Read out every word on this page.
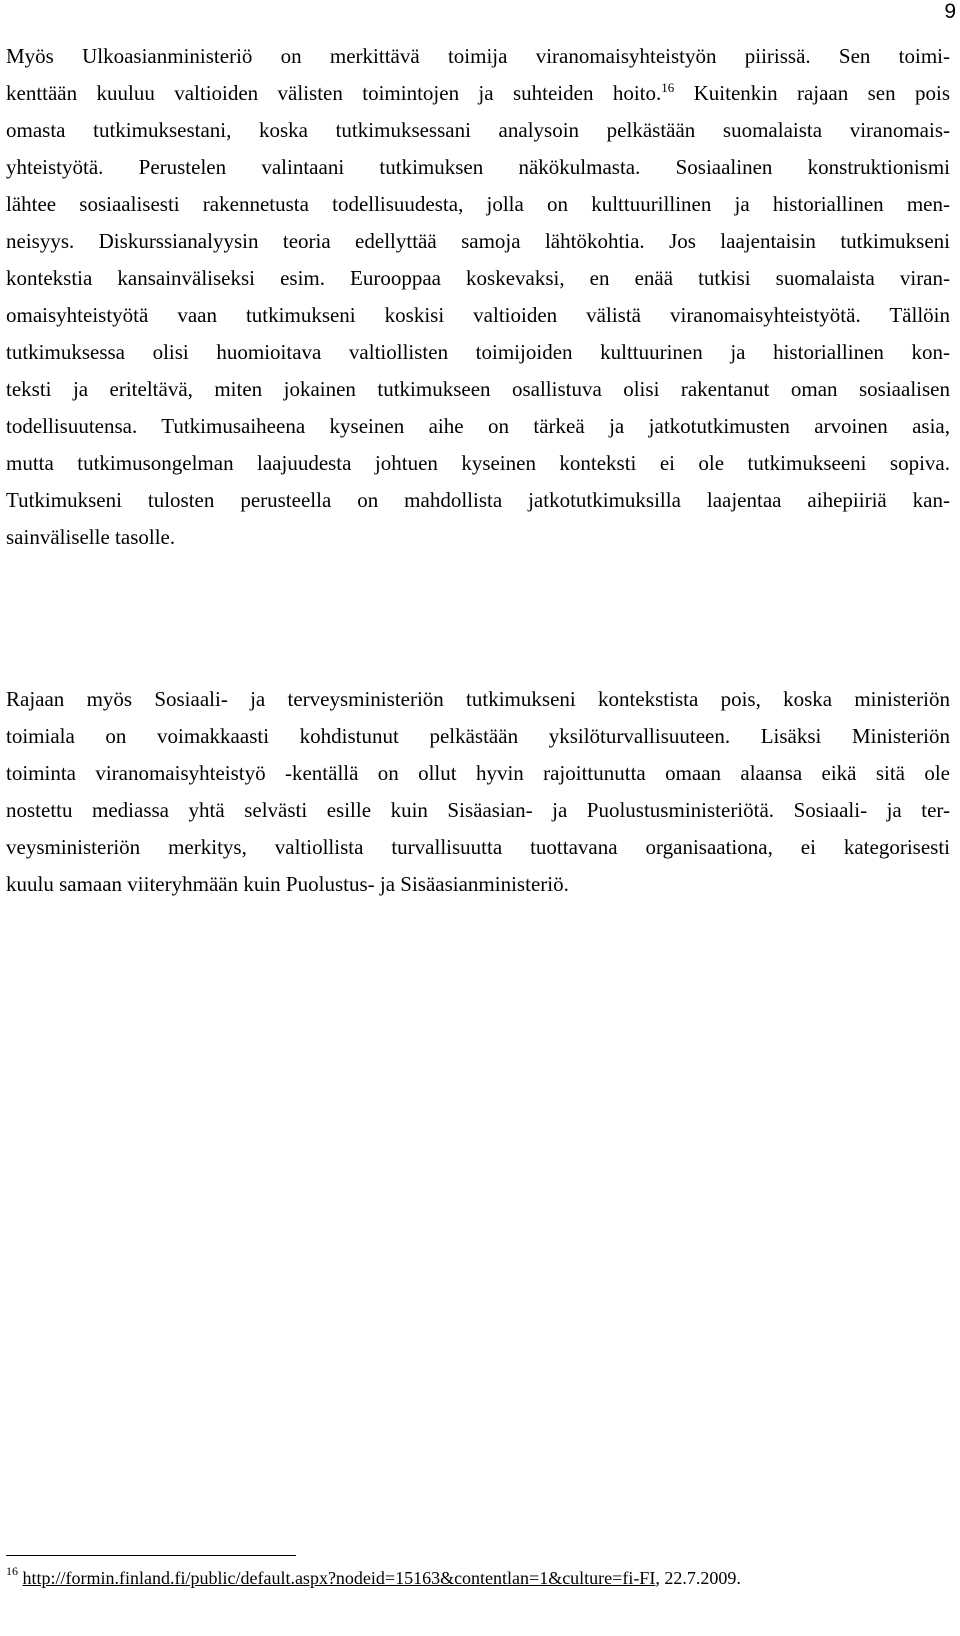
9
Myös Ulkoasianministeriö on merkittävä toimija viranomaisyhteistyön piirissä. Sen toimi-
kenttään kuuluu valtioiden välisten toimintojen ja suhteiden hoito.$^{16}$ Kuitenkin rajaan sen pois
omasta tutkimuksestani, koska tutkimuksessani analysoin pelkästään suomalaista viranomais-
yhteistyötä. Perustelen valintaani tutkimuksen näkökulmasta. Sosiaalinen konstruktionismi
lähtee sosiaalisesti rakennetusta todellisuudesta, jolla on kulttuurillinen ja historiallinen men-
neisyys. Diskurssianalyysin teoria edellyttää samoja lähtökohtia. Jos laajentaisin tutkimukseni
kontekstia kansainväliseksi esim. Eurooppaa koskevaksi, en enää tutkisi suomalaista viran-
omaisyhteistyötä vaan tutkimukseni koskisi valtioiden välistä viranomaisyhteistyötä. Tällöin
tutkimuksessa olisi huomioitava valtiollisten toimijoiden kulttuurinen ja historiallinen kon-
teksti ja eriteltävä, miten jokainen tutkimukseen osallistuva olisi rakentanut oman sosiaalisen
todellisuutensa. Tutkimusaiheena kyseinen aihe on tärkeä ja jatkotutkimusten arvoinen asia,
mutta tutkimusongelman laajuudesta johtuen kyseinen konteksti ei ole tutkimukseeni sopiva.
Tutkimukseni tulosten perusteella on mahdollista jatkotutkimuksilla laajentaa aihepiiriä kan-
sainväliselle tasolle.
Rajaan myös Sosiaali- ja terveysministeriön tutkimukseni kontekstista pois, koska ministeriön
toimiala on voimakkaasti kohdistunut pelkästään yksilöturvallisuuteen. Lisäksi Ministeriön
toiminta viranomaisyhteistyö -kentällä on ollut hyvin rajoittunutta omaan alaansa eikä sitä ole
nostettu mediassa yhtä selvästi esille kuin Sisäasian- ja Puolustusministeriötä. Sosiaali- ja ter-
veysministeriön merkitys, valtiollista turvallisuutta tuottavana organisaationa, ei kategorisesti
kuulu samaan viiteryhmään kuin Puolustus- ja Sisäasianministeriö.
$^{16}$ http://formin.finland.fi/public/default.aspx?nodeid=15163&contentlan=1&culture=fi-FI, 22.7.2009.
